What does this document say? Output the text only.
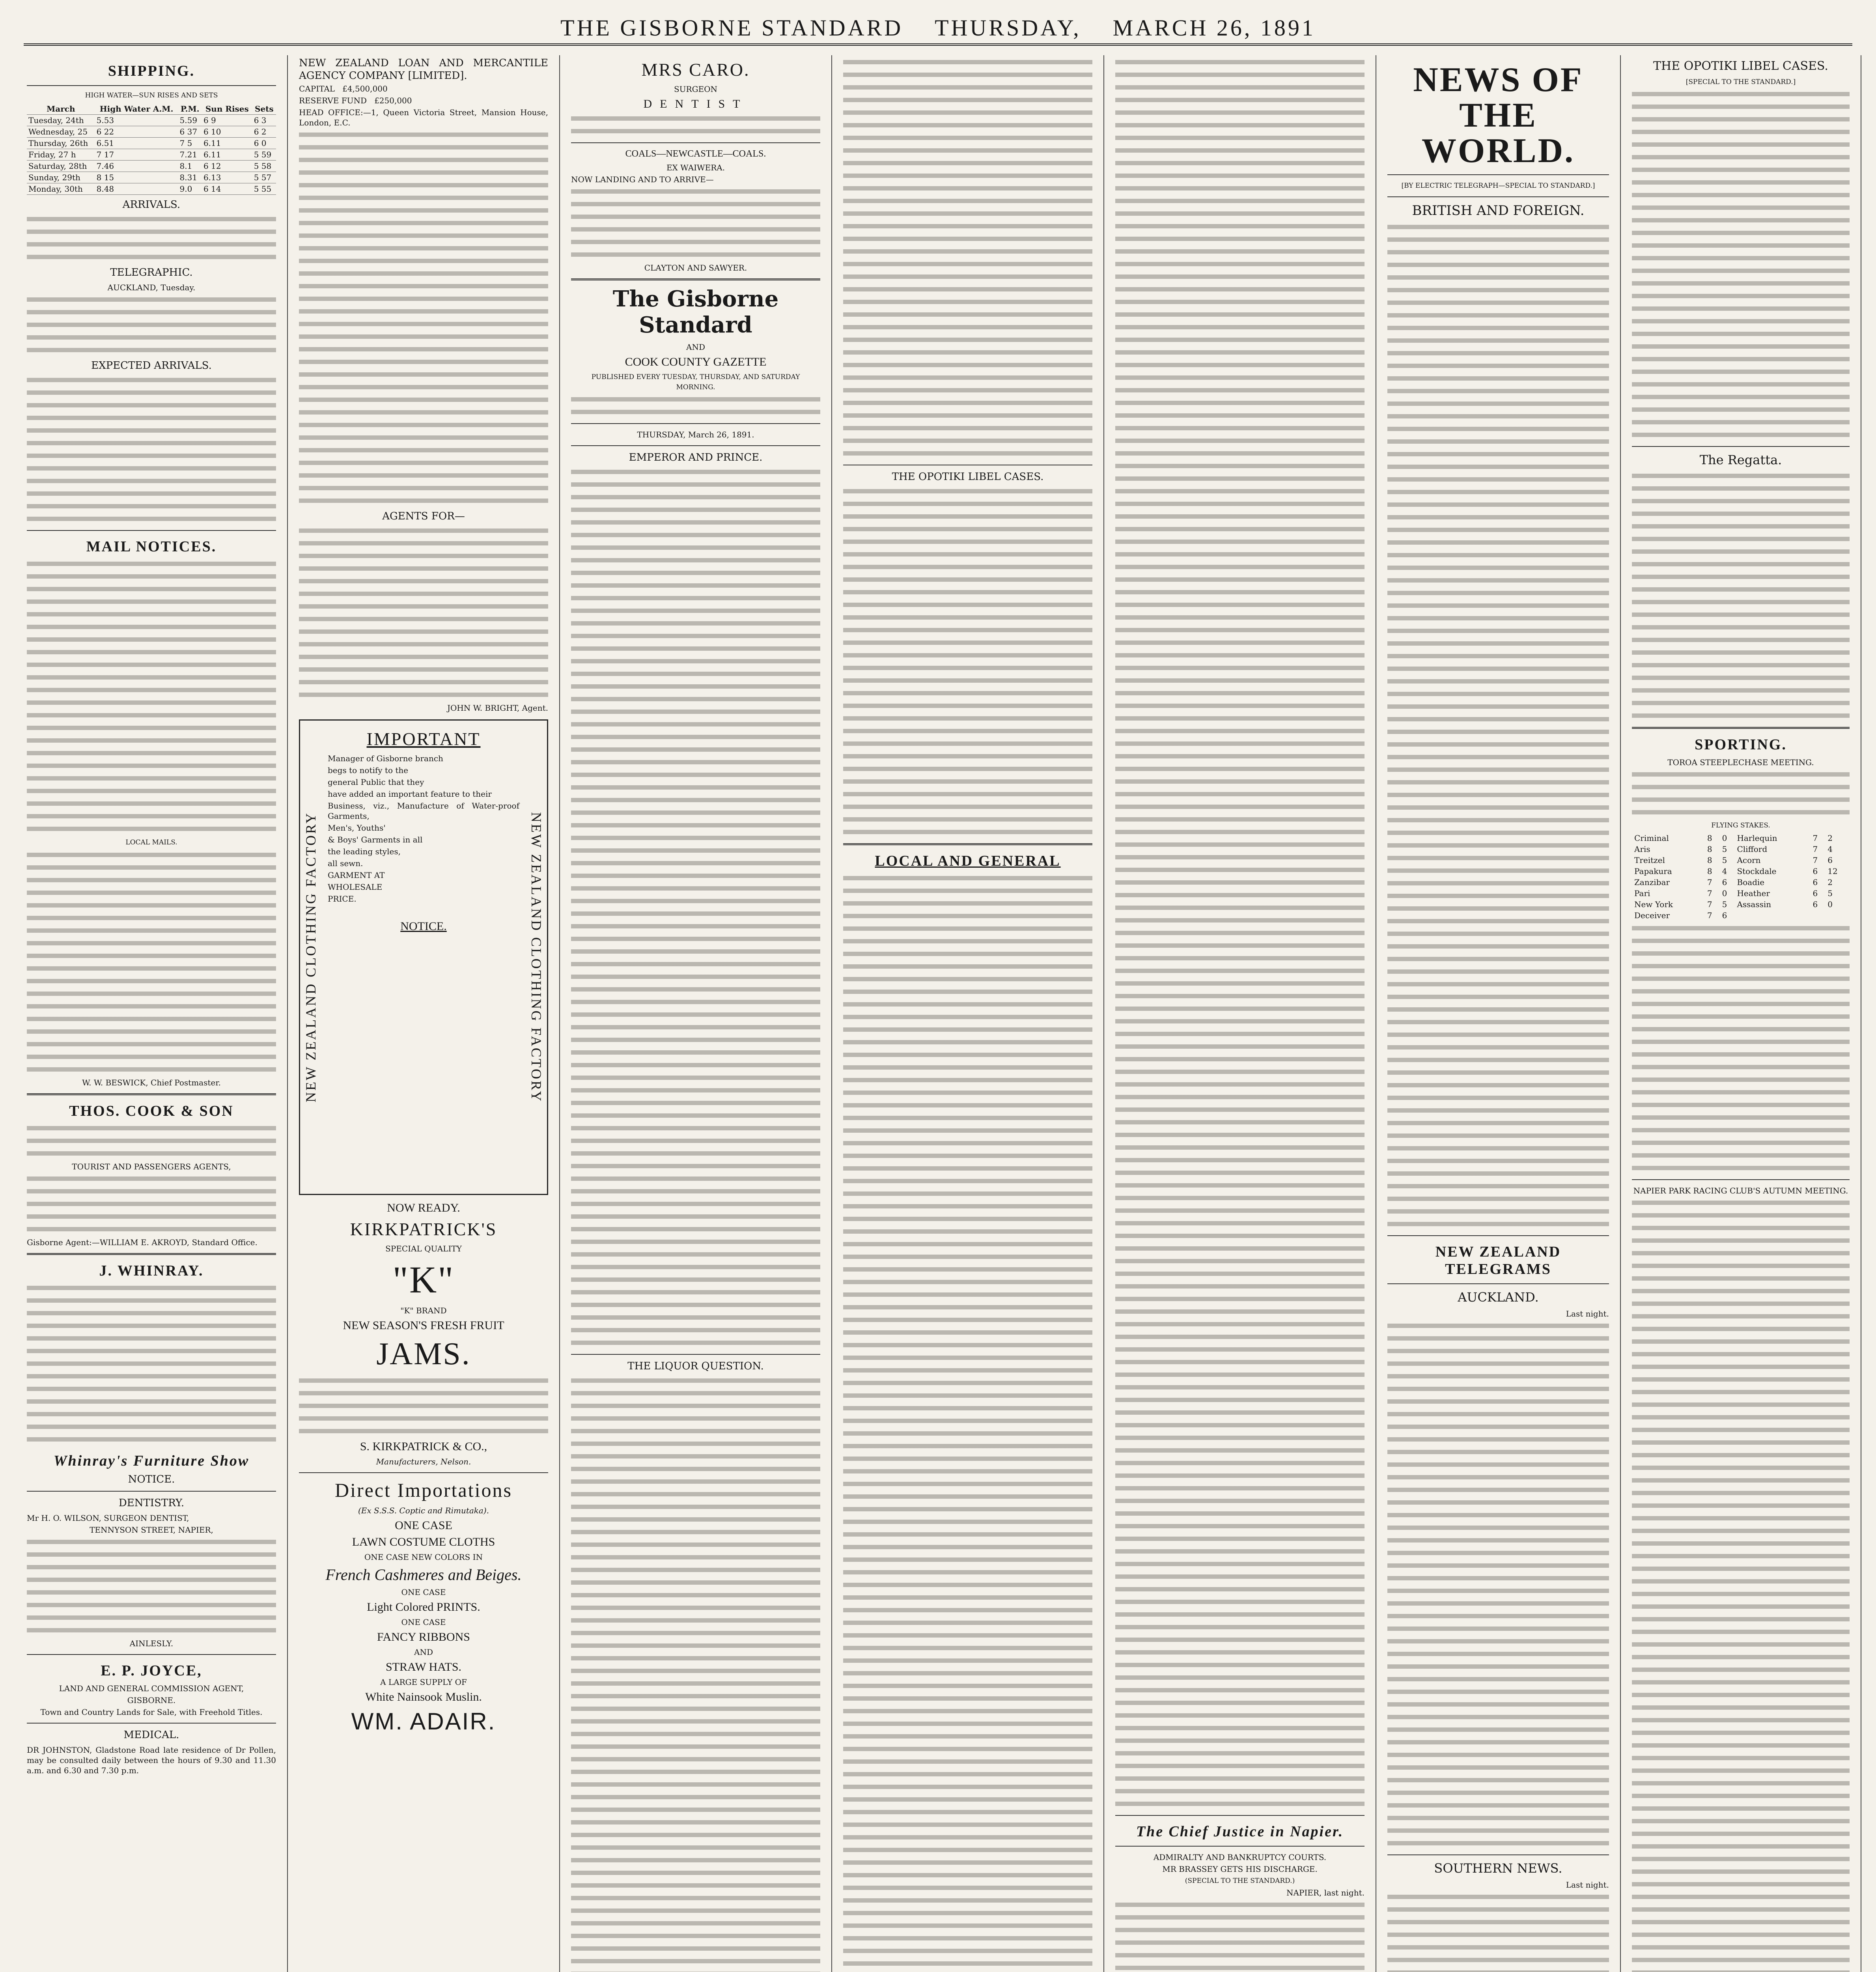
THE GISBORNE STANDARD THURSDAY, MARCH 26, 1891
SHIPPING.
HIGH WATER—SUN RISES AND SETS
March	High Water A.M.	P.M.	Sun Rises	Sets
Tuesday, 24th	5.53	5.59	6 9	6 3
Wednesday, 25	6 22	6 37	6 10	6 2
Thursday, 26th	6.51	7 5	6.11	6 0
Friday, 27 h	7 17	7.21	6.11	5 59
Saturday, 28th	7.46	8.1	6 12	5 58
Sunday, 29th	8 15	8.31	6.13	5 57
Monday, 30th	8.48	9.0	6 14	5 55
ARRIVALS.
TELEGRAPHIC.

AUCKLAND, Tuesday.

EXPECTED ARRIVALS.
MAIL NOTICES.
LOCAL MAILS.

W. W. BESWICK, Chief Postmaster.

THOS. COOK & SON

TOURIST AND PASSENGERS AGENTS,

Gisborne Agent:—WILLIAM E. AKROYD, Standard Office.

J. WHINRAY.
Whinray's Furniture Show
NOTICE.
DENTISTRY.

Mr H. O. WILSON, SURGEON DENTIST,

TENNYSON STREET, NAPIER,

AINLESLY.

E. P. JOYCE,

LAND AND GENERAL COMMISSION AGENT,

GISBORNE.

Town and Country Lands for Sale, with Freehold Titles.

MEDICAL.

DR JOHNSTON, Gladstone Road late residence of Dr Pollen, may be consulted daily between the hours of 9.30 and 11.30 a.m. and 6.30 and 7.30 p.m.

NEW ZEALAND LOAN AND MERCANTILE AGENCY COMPANY [LIMITED].

CAPITAL £4,500,000

RESERVE FUND £250,000

HEAD OFFICE:—1, Queen Victoria Street, Mansion House, London, E.C.

AGENTS FOR—

JOHN W. BRIGHT, Agent.

NEW ZEALAND CLOTHING FACTORY	NEW ZEALAND CLOTHING FACTORY
IMPORTANT

Manager of Gisborne branch

begs to notify to the

general Public that they

have added an important feature to their

Business, viz., Manufacture of Water-proof Garments,

Men's, Youths'

& Boys' Garments in all

the leading styles,

all sewn.

GARMENT AT

WHOLESALE

PRICE.

NOTICE.
NOW READY.
KIRKPATRICK'S

SPECIAL QUALITY

"K"

"K" BRAND

NEW SEASON'S FRESH FRUIT
JAMS.
S. KIRKPATRICK & CO.,

Manufacturers, Nelson.

Direct Importations

(Ex S.S.S. Coptic and Rimutaka).

ONE CASE
LAWN COSTUME CLOTHS

ONE CASE NEW COLORS IN

French Cashmeres and Beiges.

ONE CASE

Light Colored PRINTS.

ONE CASE

FANCY RIBBONS

AND

STRAW HATS.

A LARGE SUPPLY OF

White Nainsook Muslin.
WM. ADAIR.
MRS CARO.

SURGEON

DENTIST
COALS—NEWCASTLE—COALS.

EX WAIWERA.

NOW LANDING AND TO ARRIVE—

CLAYTON AND SAWYER.

The Gisborne Standard

AND

COOK COUNTY GAZETTE

PUBLISHED EVERY TUESDAY, THURSDAY, AND SATURDAY MORNING.

THURSDAY, March 26, 1891.

EMPEROR AND PRINCE.
THE LIQUOR QUESTION.
THE OPOTIKI LIBEL CASES.
LOCAL AND GENERAL
The Chief Justice in Napier.

ADMIRALTY AND BANKRUPTCY COURTS.

MR BRASSEY GETS HIS DISCHARGE.

(SPECIAL TO THE STANDARD.)

NAPIER, last night.

NEWS OF THE WORLD.

[BY ELECTRIC TELEGRAPH—SPECIAL TO STANDARD.]

BRITISH AND FOREIGN.
NEW ZEALAND TELEGRAMS
AUCKLAND.

Last night.

SOUTHERN NEWS.

Last night.

THE OPOTIKI LIBEL CASES.

[SPECIAL TO THE STANDARD.]

The Regatta.
SPORTING.

TOROA STEEPLECHASE MEETING.

FLYING STAKES.

Criminal	8	0	Harlequin	7	2
Aris	8	5	Clifford	7	4
Treitzel	8	5	Acorn	7	6
Papakura	8	4	Stockdale	6	12
Zanzibar	7	6	Boadie	6	2
Pari	7	0	Heather	6	5
New York	7	5	Assassin	6	0
Deceiver	7	6			

NAPIER PARK RACING CLUB'S AUTUMN MEETING.
